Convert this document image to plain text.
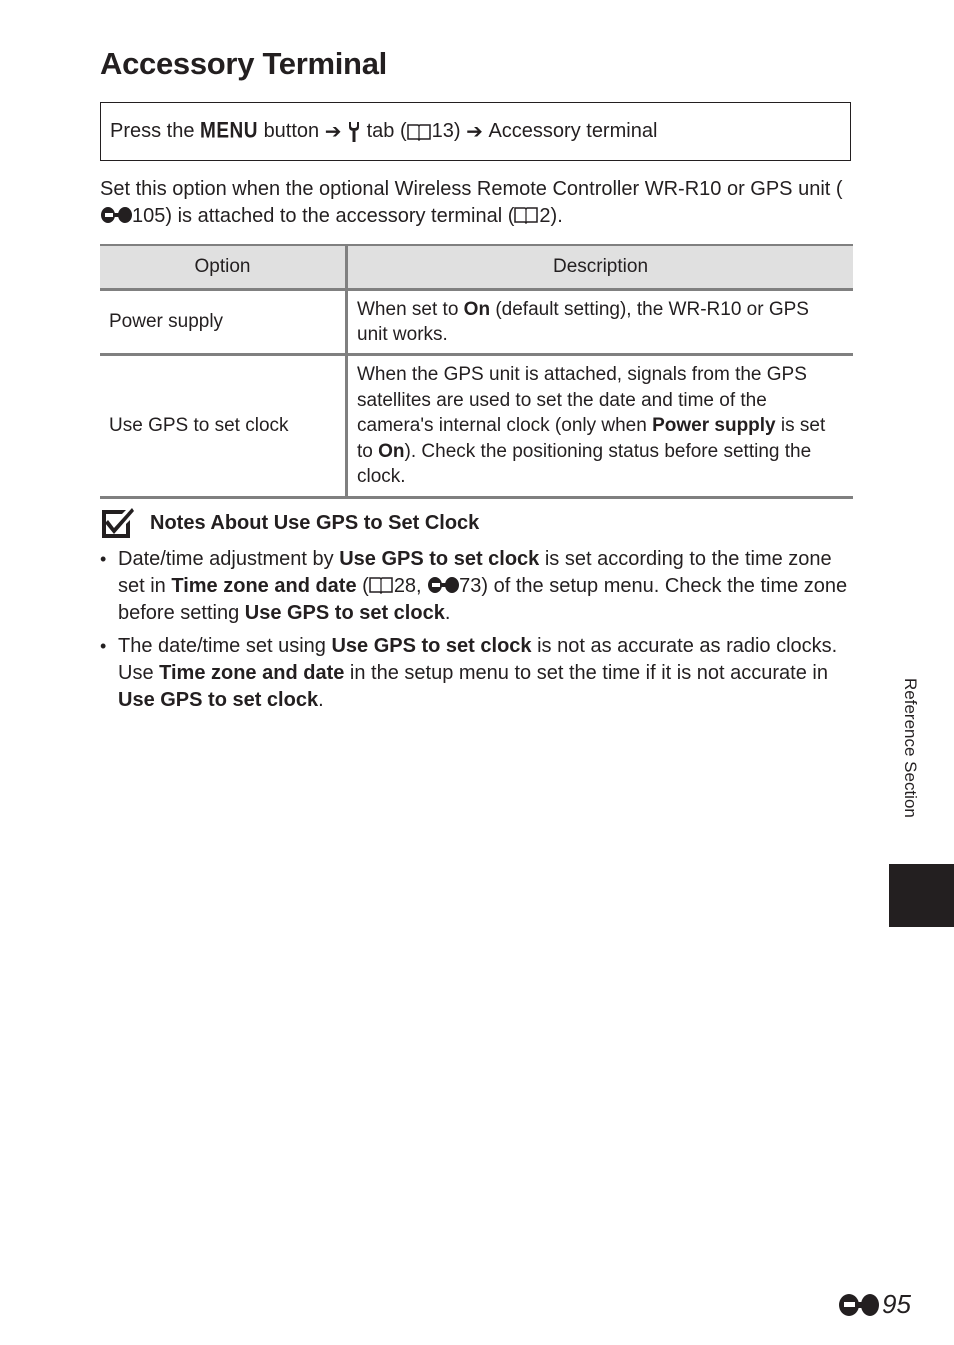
Accessory Terminal
Press the
MENU
button
➔

tab ( 13)
➔
Accessory terminal
Set this option when the optional Wireless Remote Controller WR-R10 or GPS unit (105) is attached to the accessory terminal ( 2).
Option	Description
Power supply	When set to On (default setting), the WR-R10 or GPS unit works.
Use GPS to set clock	When the GPS unit is attached, signals from the GPS satellites are used to set the date and time of the camera's internal clock (only when Power supply is set to On). Check the positioning status before setting the clock.
Notes About Use GPS to Set Clock
• Date/time adjustment by Use GPS to set clock is set according to the time zone set in Time zone and date ( 28, 73) of the setup menu. Check the time zone before setting Use GPS to set clock.
• The date/time set using Use GPS to set clock is not as accurate as radio clocks. Use Time zone and date in the setup menu to set the time if it is not accurate in Use GPS to set clock.	Reference Section
95
